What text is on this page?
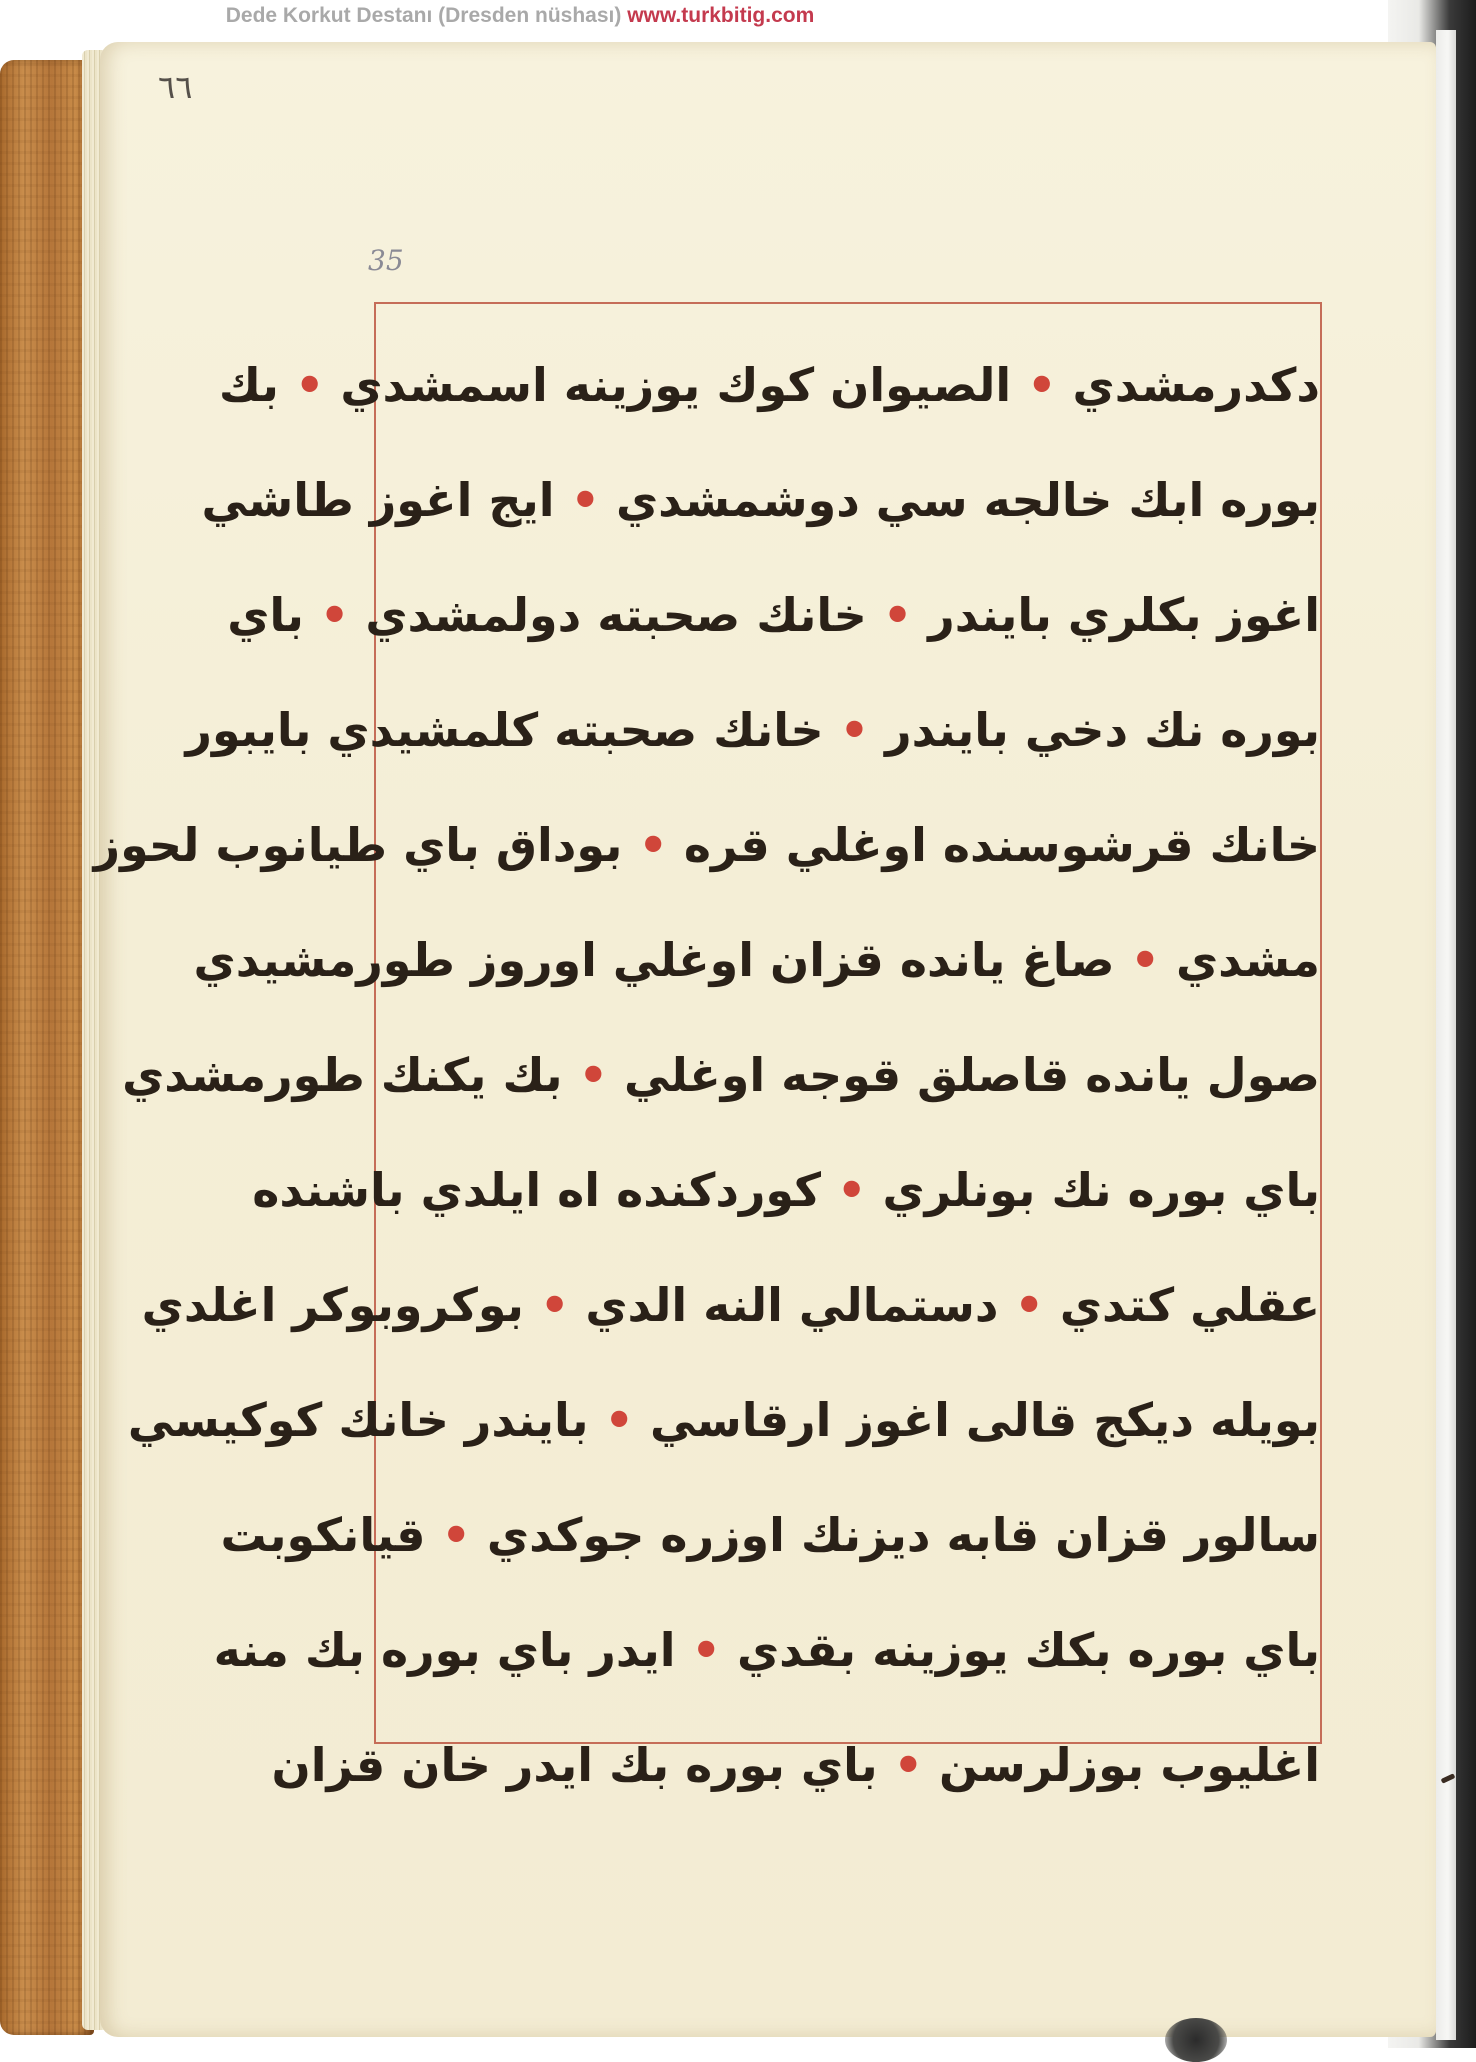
Dede Korkut Destanı (Dresden nüshası) www.turkbitig.com
٦٦
35
دكدرمشدي • الصيوان كوك يوزينه اسمشدي • بك
بوره ابك خالجه سي دوشمشدي • ايج اغوز طاشي
اغوز بكلري بايندر • خانك صحبته دولمشدي • باي
بوره نك دخي بايندر • خانك صحبته كلمشيدي بايبور
خانك قرشوسنده اوغلي قره • بوداق باي طيانوب لحوز
مشدي • صاغ يانده قزان اوغلي اوروز طورمشيدي
صول يانده قاصلق قوجه اوغلي • بك يكنك طورمشدي
باي بوره نك بونلري • كوردكنده اه ايلدي باشنده
عقلي كتدي • دستمالي النه الدي • بوكروبوكر اغلدي
بويله ديكج قالى اغوز ارقاسي • بايندر خانك كوكيسي
سالور قزان قابه ديزنك اوزره جوكدي • قيانكوبت
باي بوره بكك يوزينه بقدي • ايدر باي بوره بك منه
اغليوب بوزلرسن • باي بوره بك ايدر خان قزان
